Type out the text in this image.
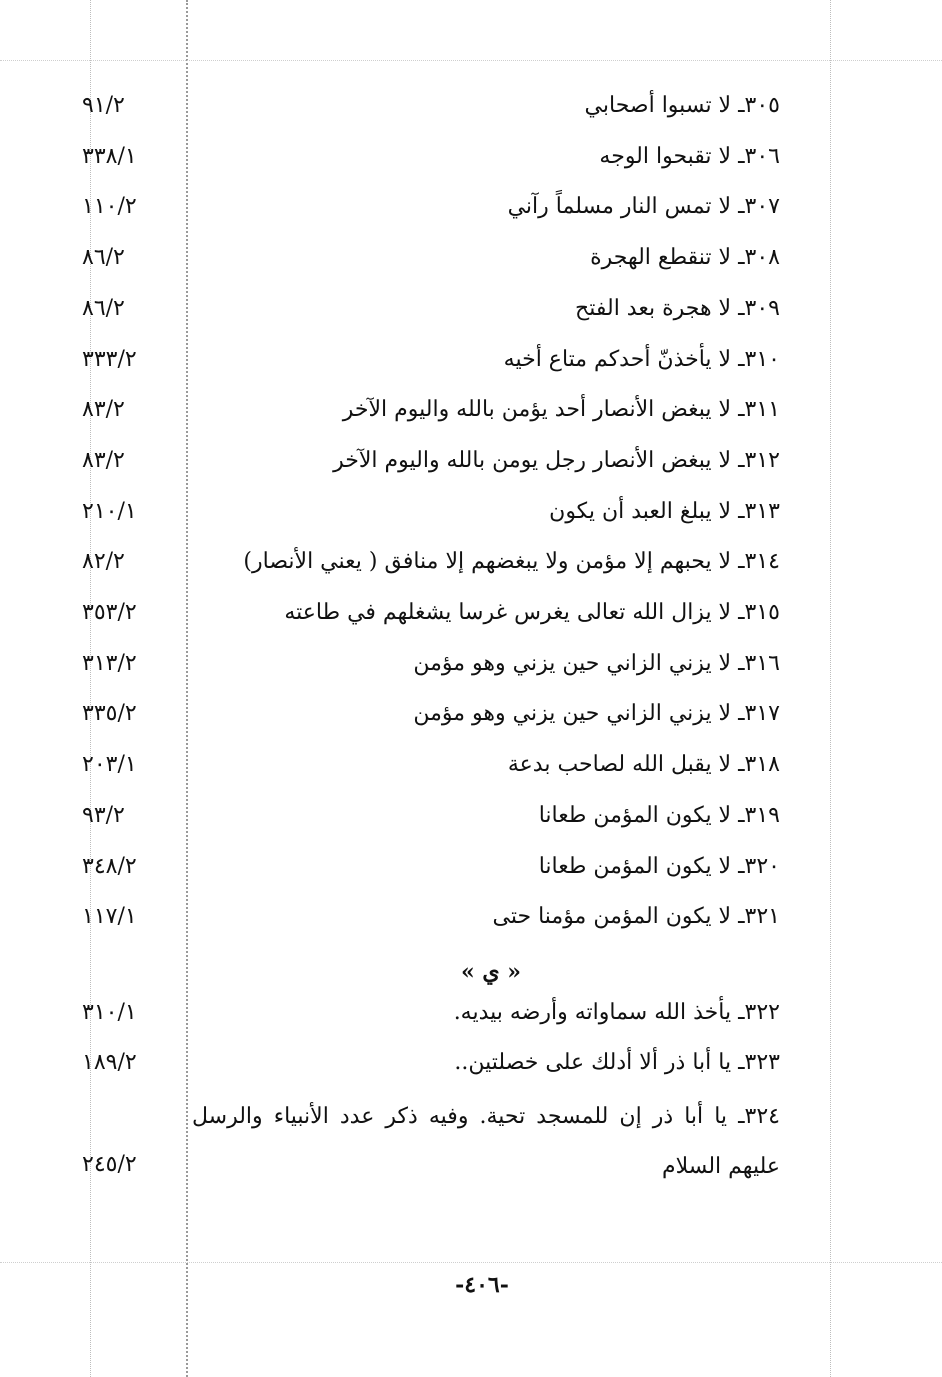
٣٠٥ـ لا تسبوا أصحابي
٩١/٢
٣٠٦ـ لا تقبحوا الوجه
٣٣٨/١
٣٠٧ـ لا تمس النار مسلماً رآني
١١٠/٢
٣٠٨ـ لا تنقطع الهجرة
٨٦/٢
٣٠٩ـ لا هجرة بعد الفتح
٨٦/٢
٣١٠ـ لا يأخذنّ أحدكم متاع أخيه
٣٣٣/٢
٣١١ـ لا يبغض الأنصار أحد يؤمن بالله واليوم الآخر
٨٣/٢
٣١٢ـ لا يبغض الأنصار رجل يومن بالله واليوم الآخر
٨٣/٢
٣١٣ـ لا يبلغ العبد أن يكون
٢١٠/١
٣١٤ـ لا يحبهم إلا مؤمن ولا يبغضهم إلا منافق ( يعني الأنصار)
٨٢/٢
٣١٥ـ لا يزال الله تعالى يغرس غرسا يشغلهم في طاعته
٣٥٣/٢
٣١٦ـ لا يزني الزاني حين يزني وهو مؤمن
٣١٣/٢
٣١٧ـ لا يزني الزاني حين يزني وهو مؤمن
٣٣٥/٢
٣١٨ـ لا يقبل الله لصاحب بدعة
٢٠٣/١
٣١٩ـ لا يكون المؤمن طعانا
٩٣/٢
٣٢٠ـ لا يكون المؤمن طعانا
٣٤٨/٢
٣٢١ـ لا يكون المؤمن مؤمنا حتى
١١٧/١
٣٢٢ـ يأخذ الله سماواته وأرضه بيديه.
٣١٠/١
٣٢٣ـ يا أبا ذر ألا أدلك على خصلتين..
١٨٩/٢
« ي »
٣٢٤ـ يا أبا ذر إن للمسجد تحية. وفيه ذكر عدد الأنبياء والرسل عليهم السلام
٢٤٥/٢
-٤٠٦-
